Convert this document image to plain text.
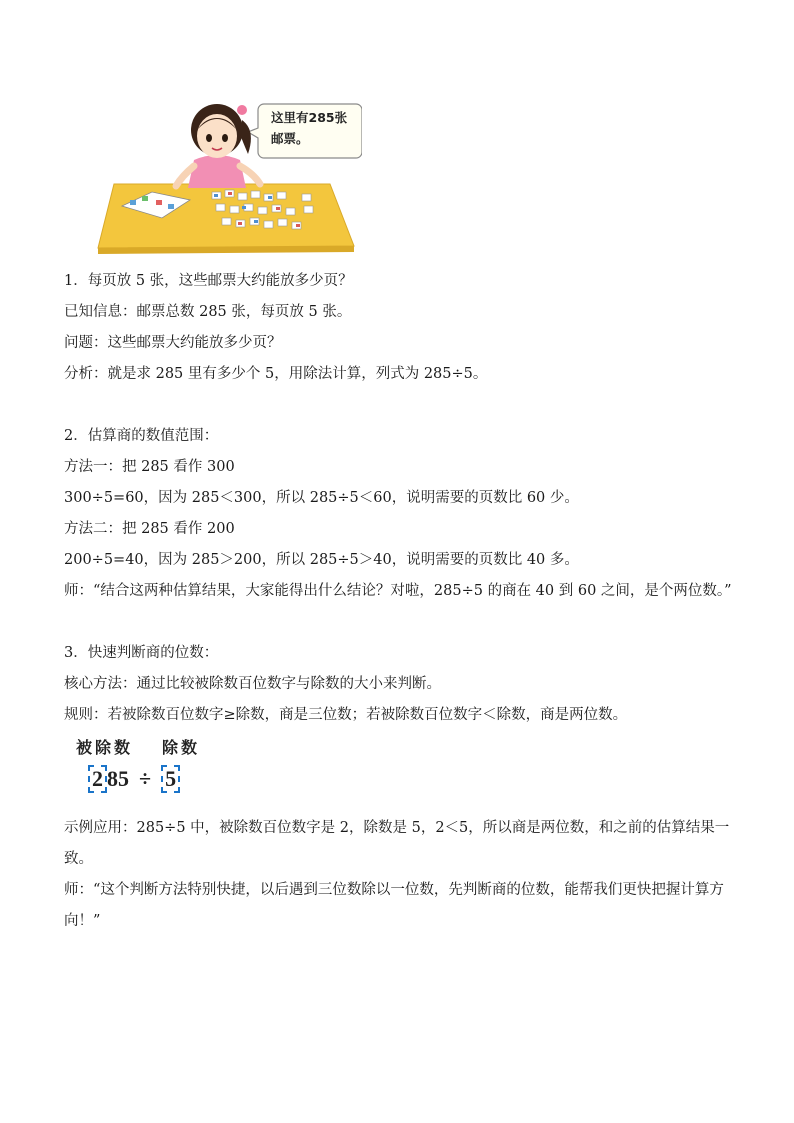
这里有285张
邮票。

1．每页放 5 张，这些邮票大约能放多少页？

已知信息：邮票总数 285 张，每页放 5 张。

问题：这些邮票大约能放多少页？

分析：就是求 285 里有多少个 5，用除法计算，列式为 285÷5。

2．估算商的数值范围：

方法一：把 285 看作 300

300÷5=60，因为 285＜300，所以 285÷5＜60，说明需要的页数比 60 少。

方法二：把 285 看作 200

200÷5=40，因为 285＞200，所以 285÷5＞40，说明需要的页数比 40 多。

师：“结合这两种估算结果，大家能得出什么结论？对啦，285÷5 的商在 40 到 60 之间，是个两位数。”

3．快速判断商的位数：

核心方法：通过比较被除数百位数字与除数的大小来判断。

规则：若被除数百位数字≥除数，商是三位数；若被除数百位数字＜除数，商是两位数。

被除数 除数
2 85 ÷ 5

示例应用：285÷5 中，被除数百位数字是 2，除数是 5，2＜5，所以商是两位数，和之前的估算结果一致。

师：“这个判断方法特别快捷，以后遇到三位数除以一位数，先判断商的位数，能帮我们更快把握计算方向！”
